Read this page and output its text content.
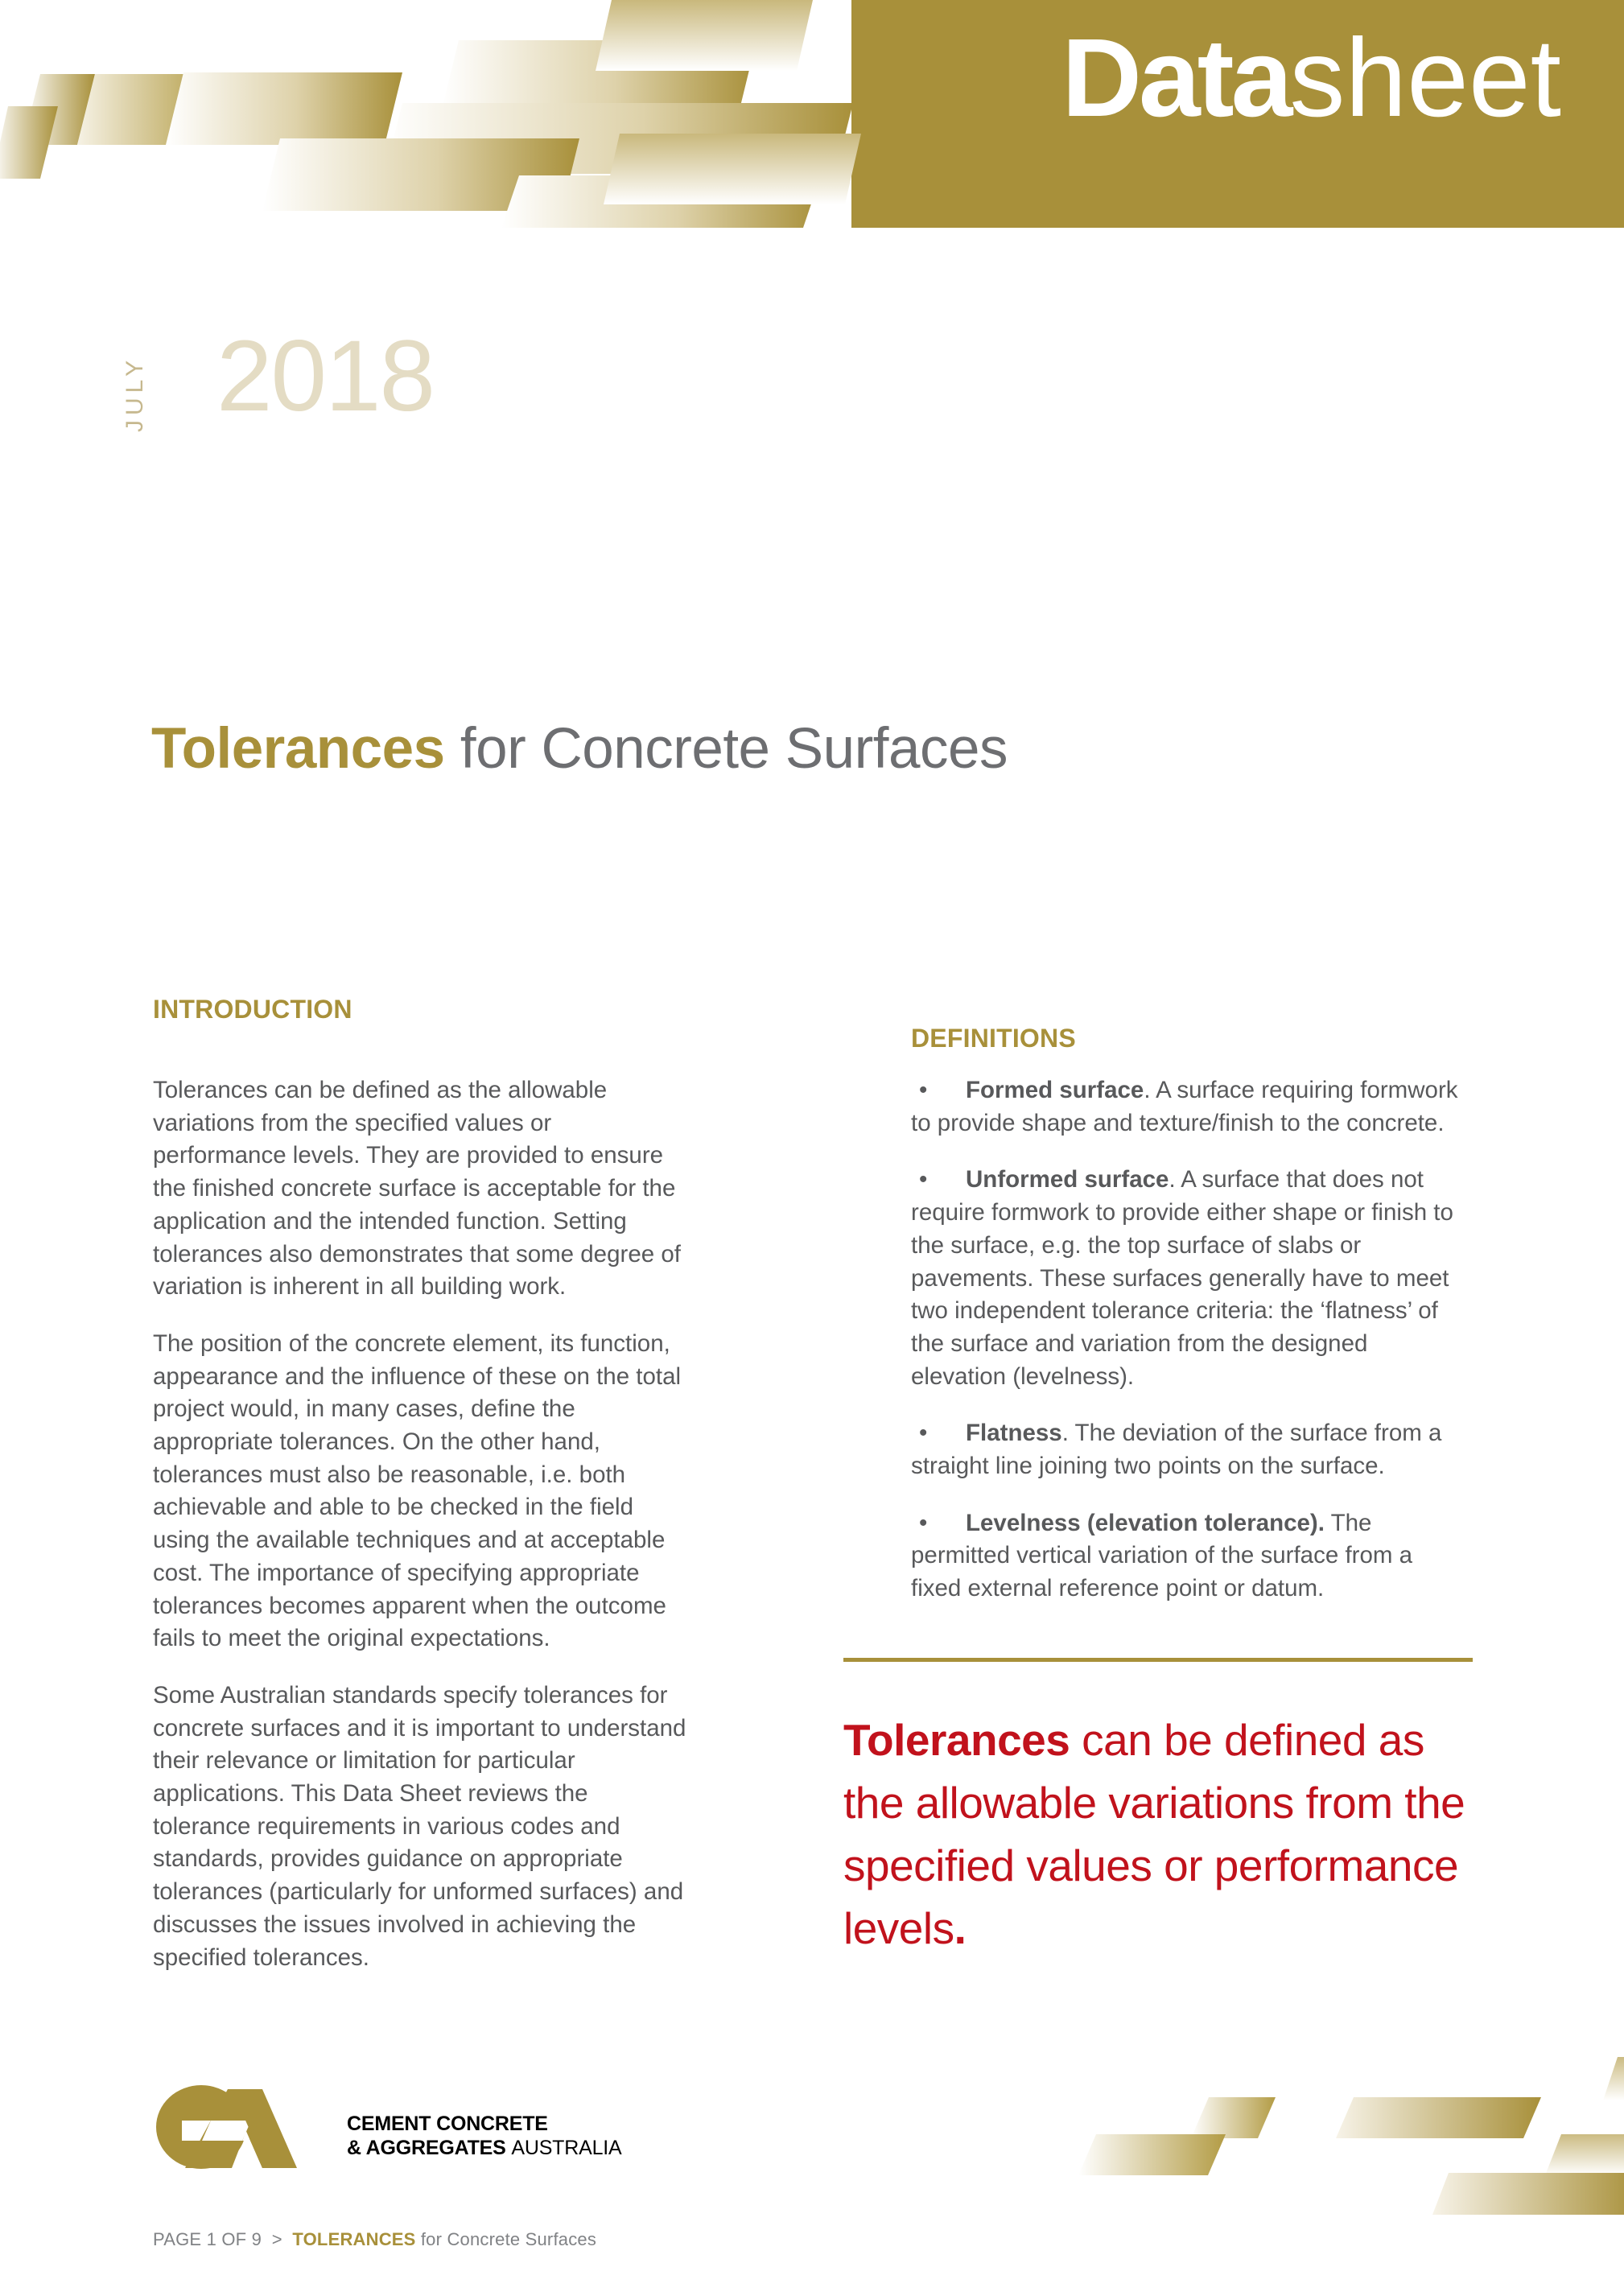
Datasheet
JULY 2018
Tolerances for Concrete Surfaces
INTRODUCTION

Tolerances can be defined as the allowable variations from the specified values or performance levels. They are provided to ensure the finished concrete surface is acceptable for the application and the intended function. Setting tolerances also demonstrates that some degree of variation is inherent in all building work.

The position of the concrete element, its function, appearance and the influence of these on the total project would, in many cases, define the appropriate tolerances. On the other hand, tolerances must also be reasonable, i.e. both achievable and able to be checked in the field using the available techniques and at acceptable cost. The importance of specifying appropriate tolerances becomes apparent when the outcome fails to meet the original expectations.

Some Australian standards specify tolerances for concrete surfaces and it is important to understand their relevance or limitation for particular applications. This Data Sheet reviews the tolerance requirements in various codes and standards, provides guidance on appropriate tolerances (particularly for unformed surfaces) and discusses the issues involved in achieving the specified tolerances.

DEFINITIONS
• Formed surface. A surface requiring formwork to provide shape and texture/finish to the concrete.
• Unformed surface. A surface that does not require formwork to provide either shape or finish to the surface, e.g. the top surface of slabs or pavements. These surfaces generally have to meet two independent tolerance criteria: the ‘flatness’ of the surface and variation from the designed elevation (levelness).
• Flatness. The deviation of the surface from a straight line joining two points on the surface.
• Levelness (elevation tolerance). The permitted vertical variation of the surface from a fixed external reference point or datum.
Tolerances can be defined as the allowable variations from the specified values or performance levels.
CEMENT CONCRETE
& AGGREGATES AUSTRALIA
PAGE 1 OF 9 > TOLERANCES for Concrete Surfaces
